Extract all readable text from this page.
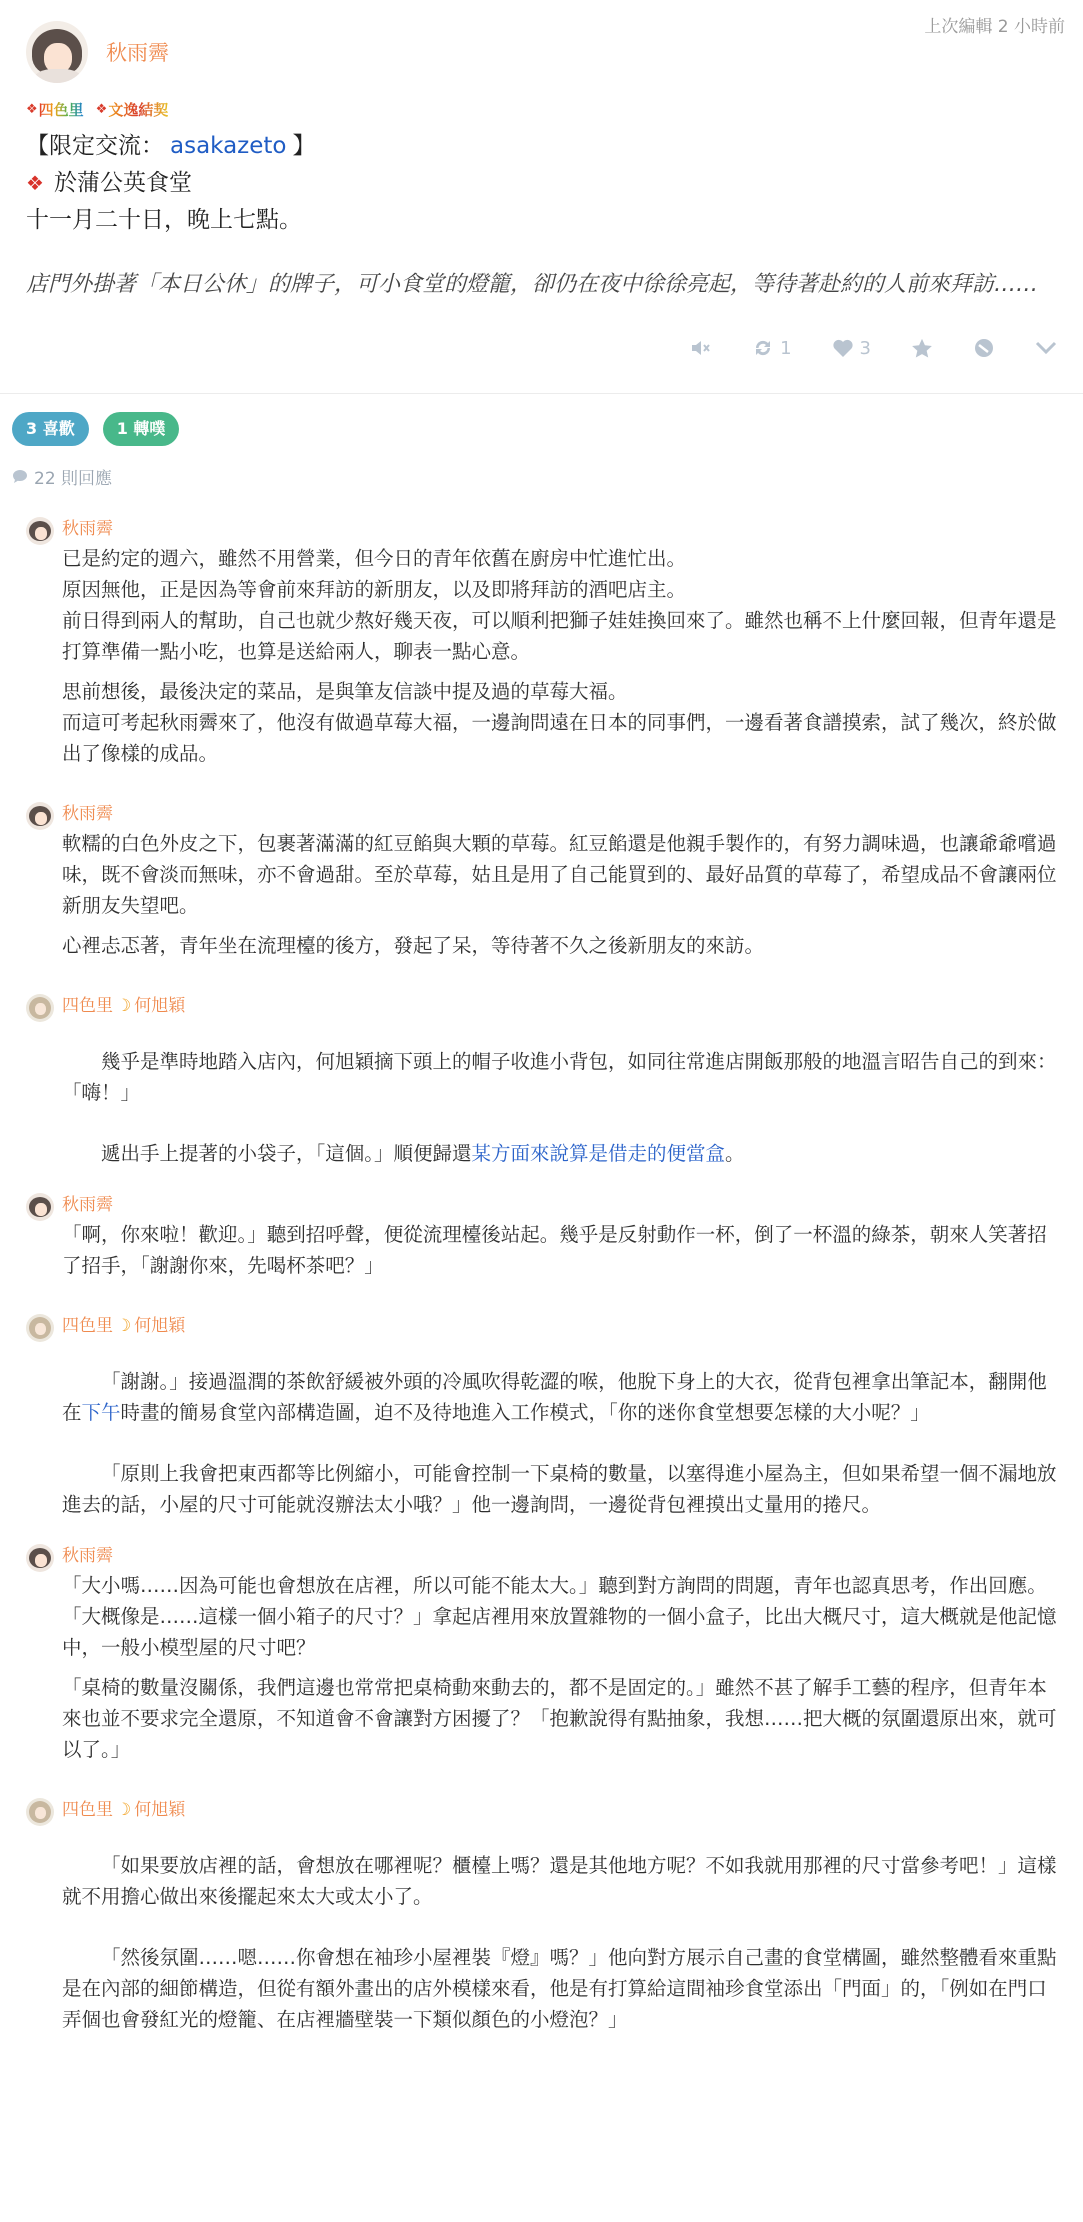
上次編輯 2 小時前
秋雨霽
❖ 四色里 ❖ 文逸結契
【限定交流： asakazeto 】
❖ 於蒲公英食堂
十一月二十日，晚上七點。
店門外掛著「本日公休」的牌子，可小食堂的燈籠，卻仍在夜中徐徐亮起，等待著赴約的人前來拜訪……
1	3
3 喜歡	1 轉噗
22 則回應
秋雨霽

已是約定的週六，雖然不用營業，但今日的青年依舊在廚房中忙進忙出。
原因無他，正是因為等會前來拜訪的新朋友，以及即將拜訪的酒吧店主。
前日得到兩人的幫助，自己也就少熬好幾天夜，可以順利把獅子娃娃換回來了。雖然也稱不上什麼回報，但青年還是打算準備一點小吃，也算是送給兩人，聊表一點心意。

思前想後，最後決定的菜品，是與筆友信談中提及過的草莓大福。
而這可考起秋雨霽來了，他沒有做過草莓大福，一邊詢問遠在日本的同事們，一邊看著食譜摸索，試了幾次，終於做出了像樣的成品。

秋雨霽

軟糯的白色外皮之下，包裹著滿滿的紅豆餡與大顆的草莓。紅豆餡還是他親手製作的，有努力調味過，也讓爺爺嚐過味，既不會淡而無味，亦不會過甜。至於草莓，姑且是用了自己能買到的、最好品質的草莓了，希望成品不會讓兩位新朋友失望吧。

心裡忐忑著，青年坐在流理檯的後方，發起了呆，等待著不久之後新朋友的來訪。

四色里 ☽ 何旭穎

幾乎是準時地踏入店內，何旭穎摘下頭上的帽子收進小背包，如同往常進店開飯那般的地溫言昭告自己的到來：「嗨！」

遞出手上提著的小袋子，「這個。」順便歸還某方面來說算是借走的便當盒。

秋雨霽

「啊，你來啦！歡迎。」聽到招呼聲，便從流理檯後站起。幾乎是反射動作一杯，倒了一杯溫的綠茶，朝來人笑著招了招手，「謝謝你來，先喝杯茶吧？」

四色里 ☽ 何旭穎

「謝謝。」接過溫潤的茶飲舒緩被外頭的冷風吹得乾澀的喉，他脫下身上的大衣，從背包裡拿出筆記本，翻開他在下午時畫的簡易食堂內部構造圖，迫不及待地進入工作模式，「你的迷你食堂想要怎樣的大小呢？」

「原則上我會把東西都等比例縮小，可能會控制一下桌椅的數量，以塞得進小屋為主，但如果希望一個不漏地放進去的話，小屋的尺寸可能就沒辦法太小哦？」他一邊詢問，一邊從背包裡摸出丈量用的捲尺。

秋雨霽

「大小嗎……因為可能也會想放在店裡，所以可能不能太大。」聽到對方詢問的問題，青年也認真思考，作出回應。「大概像是……這樣一個小箱子的尺寸？」拿起店裡用來放置雜物的一個小盒子，比出大概尺寸，這大概就是他記憶中，一般小模型屋的尺寸吧？

「桌椅的數量沒關係，我們這邊也常常把桌椅動來動去的，都不是固定的。」雖然不甚了解手工藝的程序，但青年本來也並不要求完全還原，不知道會不會讓對方困擾了？「抱歉說得有點抽象，我想……把大概的氛圍還原出來，就可以了。」

四色里 ☽ 何旭穎

「如果要放店裡的話，會想放在哪裡呢？櫃檯上嗎？還是其他地方呢？不如我就用那裡的尺寸當參考吧！」這樣就不用擔心做出來後擺起來太大或太小了。

「然後氛圍……嗯……你會想在袖珍小屋裡裝『燈』嗎？」他向對方展示自己畫的食堂構圖，雖然整體看來重點是在內部的細節構造，但從有額外畫出的店外模樣來看，他是有打算給這間袖珍食堂添出「門面」的，「例如在門口弄個也會發紅光的燈籠、在店裡牆壁裝一下類似顏色的小燈泡？」
